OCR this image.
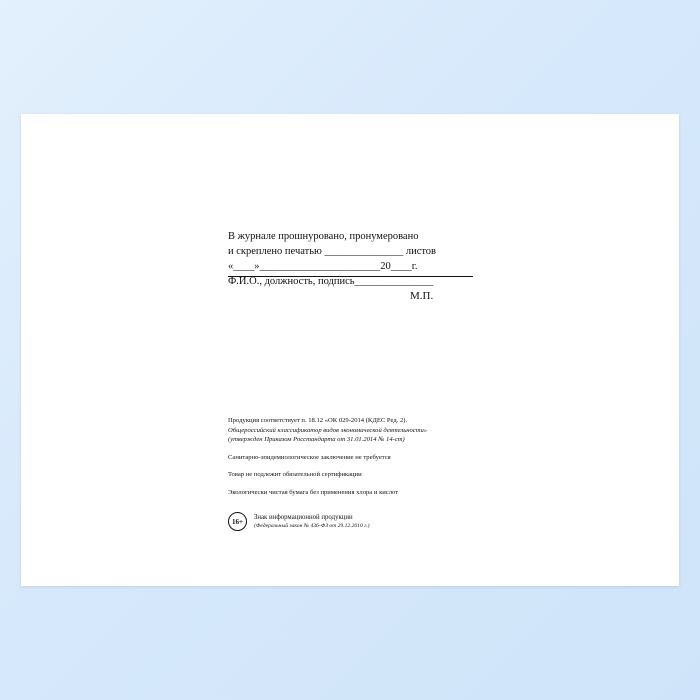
В журнале прошнуровано, пронумеровано
и скреплено печатью _______________ листов
«____»_______________________20____г.
Ф.И.О., должность, подпись_______________
М.П.
Продукция соответствует п. 18.12 «ОК 029-2014 (КДЕС Ред. 2).
Общероссийский классификатор видов экономической деятельности»
(утвержден Приказом Росстандарта от 31.01.2014 № 14-ст)
Санитарно-эпидемиологическое заключение не требуется
Товар не подлежит обязательной сертификации
Экологически чистая бумага без применения хлора и кислот
16+	Знак информационной продукции
(Федеральный закон № 436-ФЗ от 29.12.2010 г.)
